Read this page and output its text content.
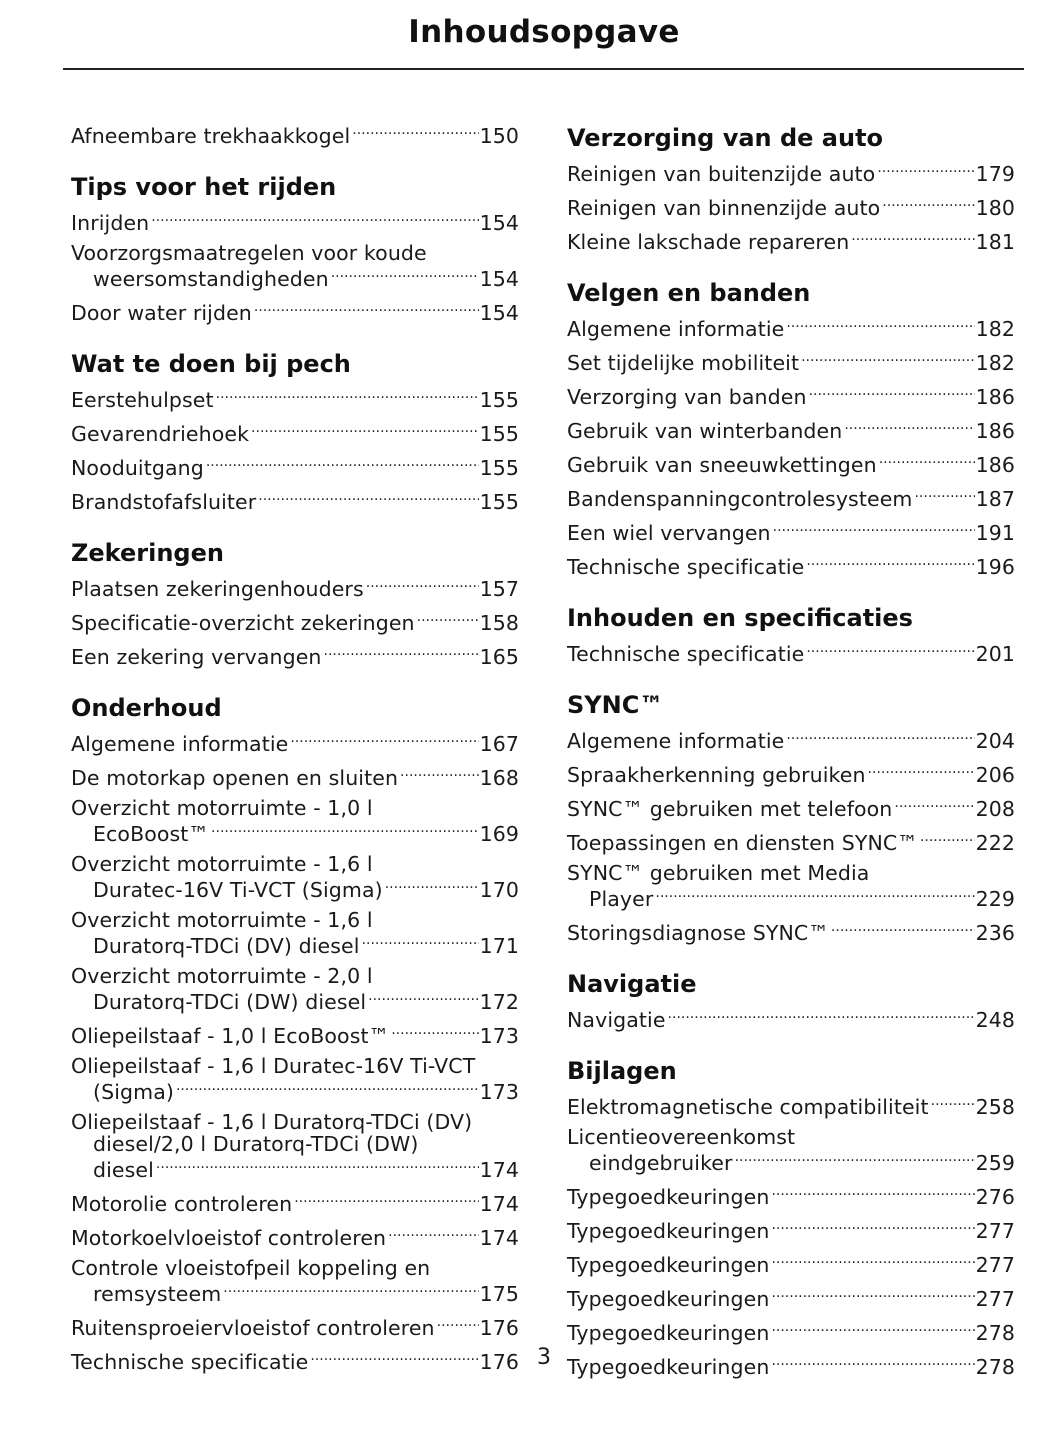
Inhoudsopgave
Afneembare trekhaakkogel .....	150
Tips voor het rijden
Inrijden .....	154
Voorzorgsmaatregelen voor koude
weersomstandigheden .....	154
Door water rijden .....	154
Wat te doen bij pech
Eerstehulpset .....	155
Gevarendriehoek .....	155
Nooduitgang .....	155
Brandstofafsluiter .....	155
Zekeringen
Plaatsen zekeringenhouders .....	157
Specificatie-overzicht zekeringen .....	158
Een zekering vervangen .....	165
Onderhoud
Algemene informatie .....	167
De motorkap openen en sluiten .....	168
Overzicht motorruimte - 1,0 l
EcoBoost™ .....	169
Overzicht motorruimte - 1,6 l
Duratec-16V Ti-VCT (Sigma) .....	170
Overzicht motorruimte - 1,6 l
Duratorq-TDCi (DV) diesel .....	171
Overzicht motorruimte - 2,0 l
Duratorq-TDCi (DW) diesel .....	172
Oliepeilstaaf - 1,0 l EcoBoost™ .....	173
Oliepeilstaaf - 1,6 l Duratec-16V Ti-VCT
(Sigma) .....	173
Oliepeilstaaf - 1,6 l Duratorq-TDCi (DV)
diesel/2,0 l Duratorq-TDCi (DW)
diesel .....	174
Motorolie controleren .....	174
Motorkoelvloeistof controleren .....	174
Controle vloeistofpeil koppeling en
remsysteem .....	175
Ruitensproeiervloeistof controleren ..... 176
Technische specificatie .....	176
Verzorging van de auto
Reinigen van buitenzijde auto .....	179
Reinigen van binnenzijde auto .....	180
Kleine lakschade repareren .....	181
Velgen en banden
Algemene informatie .....	182
Set tijdelijke mobiliteit .....	182
Verzorging van banden .....	186
Gebruik van winterbanden .....	186
Gebruik van sneeuwkettingen .....	186
Bandenspanningcontrolesysteem .....	187
Een wiel vervangen .....	191
Technische specificatie .....	196
Inhouden en specificaties
Technische specificatie .....	201
SYNC™
Algemene informatie .....	204
Spraakherkenning gebruiken .....	206
SYNC™ gebruiken met telefoon .....	208
Toepassingen en diensten SYNC™ .....	222
SYNC™ gebruiken met Media
Player .....	229
Storingsdiagnose SYNC™ .....	236
Navigatie
Navigatie .....	248
Bijlagen
Elektromagnetische compatibiliteit ..... 258
Licentieovereenkomst
eindgebruiker .....	259
Typegoedkeuringen .....	276
Typegoedkeuringen .....	277
Typegoedkeuringen .....	277
Typegoedkeuringen .....	277
Typegoedkeuringen .....	278
Typegoedkeuringen .....	278
3
